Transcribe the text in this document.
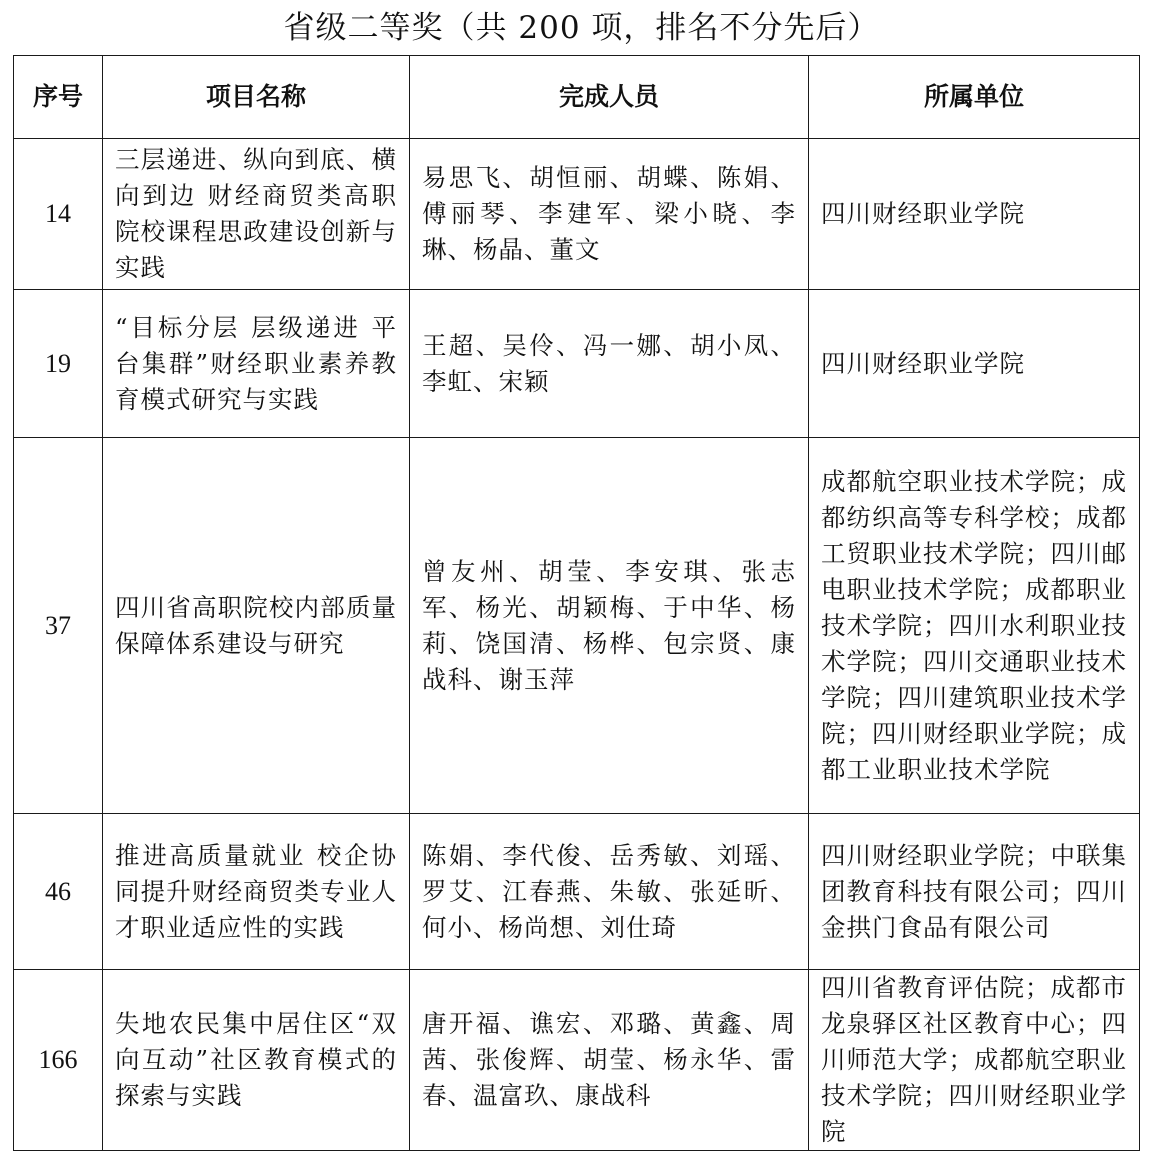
省级二等奖（共 200 项，排名不分先后）
序号	项目名称	完成人员	所属单位
14	三层递进、纵向到底、横向到边 财经商贸类高职院校课程思政建设创新与实践	易思飞、胡恒丽、胡蝶、陈娟、傅丽琴、李建军、梁小晓、李琳、杨晶、董文	四川财经职业学院
19	“目标分层 层级递进 平台集群”财经职业素养教育模式研究与实践	王超、吴伶、冯一娜、胡小凤、李虹、宋颖	四川财经职业学院
37	四川省高职院校内部质量保障体系建设与研究	曾友州、胡莹、李安琪、张志军、杨光、胡颖梅、于中华、杨莉、饶国清、杨桦、包宗贤、康战科、谢玉萍	成都航空职业技术学院；成都纺织高等专科学校；成都工贸职业技术学院；四川邮电职业技术学院；成都职业技术学院；四川水利职业技术学院；四川交通职业技术学院；四川建筑职业技术学院；四川财经职业学院；成都工业职业技术学院
46	推进高质量就业 校企协同提升财经商贸类专业人才职业适应性的实践	陈娟、李代俊、岳秀敏、刘瑶、罗艾、江春燕、朱敏、张延昕、何小、杨尚想、刘仕琦	四川财经职业学院；中联集团教育科技有限公司；四川金拱门食品有限公司
166	失地农民集中居住区“双向互动”社区教育模式的探索与实践	唐开福、谯宏、邓璐、黄鑫、周茜、张俊辉、胡莹、杨永华、雷春、温富玖、康战科	四川省教育评估院；成都市龙泉驿区社区教育中心；四川师范大学；成都航空职业技术学院；四川财经职业学院
